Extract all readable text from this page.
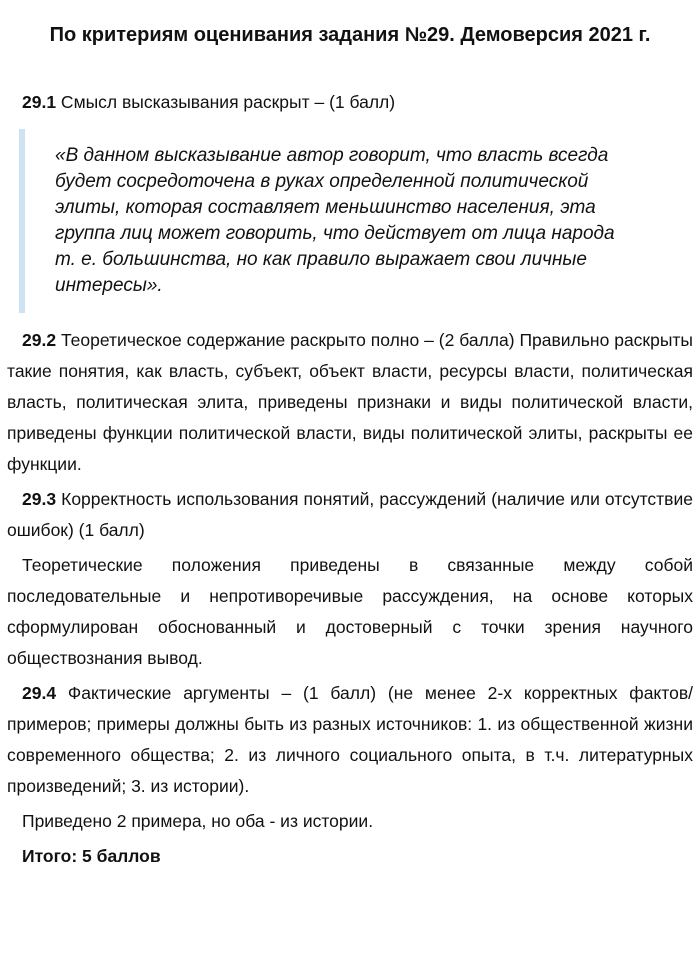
По критериям оценивания задания №29. Демоверсия 2021 г.

29.1 Смысл высказывания раскрыт – (1 балл)

«В данном высказывание автор говорит, что власть всегда будет сосредоточена в руках определенной политической элиты, которая составляет меньшинство населения, эта группа лиц может говорить, что действует от лица народа т. е. большинства, но как правило выражает свои личные интересы».

29.2 Теоретическое содержание раскрыто полно – (2 балла) Правильно раскрыты такие понятия, как власть, субъект, объект власти, ресурсы власти, политическая власть, политическая элита, приведены признаки и виды политической власти, приведены функции политической власти, виды политической элиты, раскрыты ее функции.

29.3 Корректность использования понятий, рассуждений (наличие или отсутствие ошибок) (1 балл)

Теоретические положения приведены в связанные между собой последовательные и непротиворечивые рассуждения, на основе которых сформулирован обоснованный и достоверный с точки зрения научного обществознания вывод.

29.4 Фактические аргументы – (1 балл) (не менее 2-х корректных фактов/ примеров; примеры должны быть из разных источников: 1. из общественной жизни современного общества; 2. из личного социального опыта, в т.ч. литературных произведений; 3. из истории).

Приведено 2 примера, но оба - из истории.

Итого: 5 баллов
